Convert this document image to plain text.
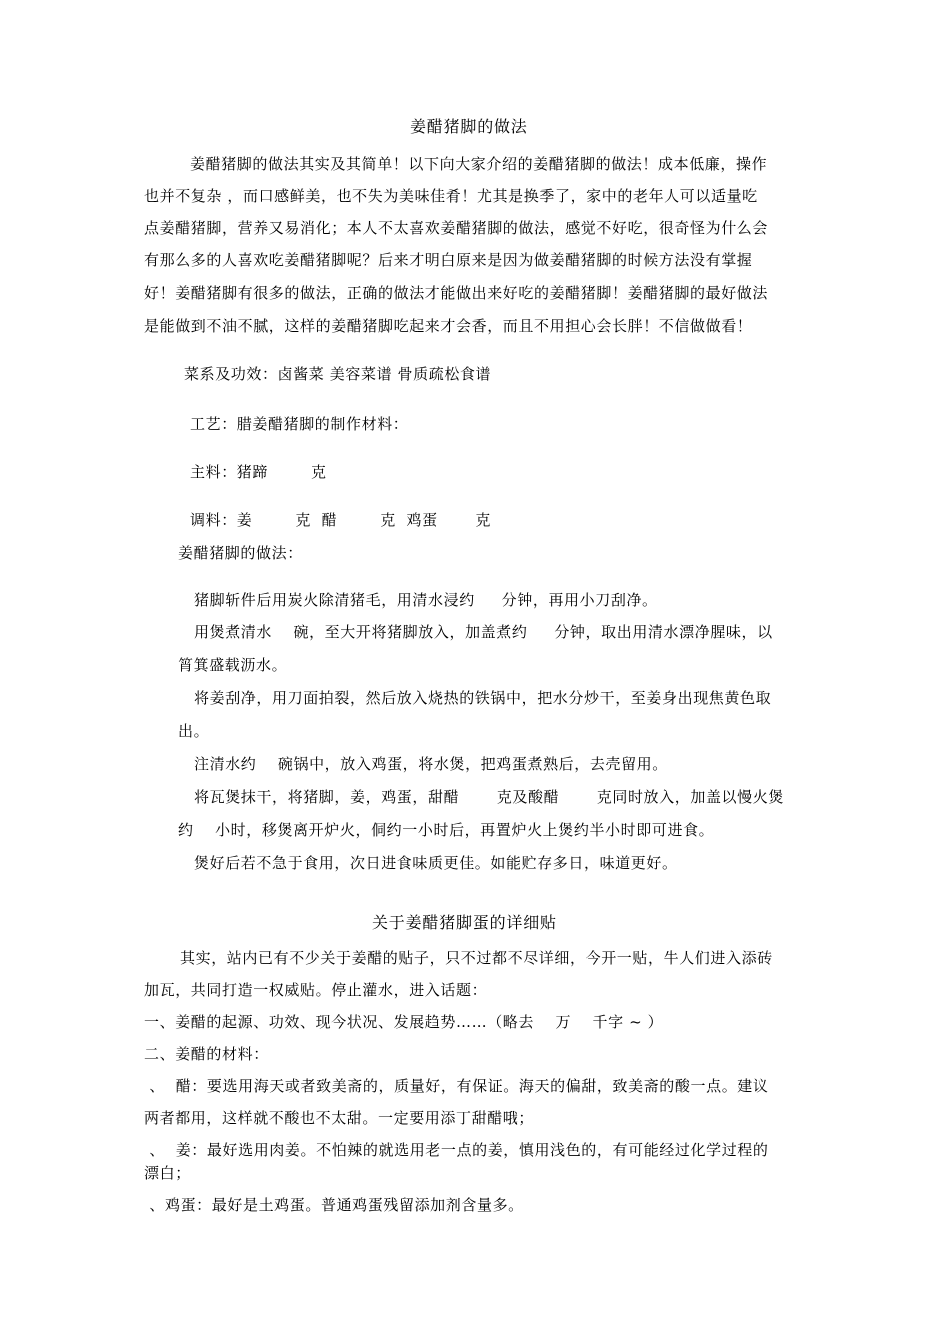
姜醋猪脚的做法
姜醋猪脚的做法其实及其简单！以下向大家介绍的姜醋猪脚的做法！成本低廉，操作
也并不复杂 ，而口感鲜美，也不失为美味佳肴！尤其是换季了，家中的老年人可以适量吃
点姜醋猪脚，营养又易消化；本人不太喜欢姜醋猪脚的做法，感觉不好吃，很奇怪为什么会
有那么多的人喜欢吃姜醋猪脚呢？后来才明白原来是因为做姜醋猪脚的时候方法没有掌握
好！姜醋猪脚有很多的做法，正确的做法才能做出来好吃的姜醋猪脚！姜醋猪脚的最好做法
是能做到不油不腻，这样的姜醋猪脚吃起来才会香，而且不用担心会长胖！不信做做看！
菜系及功效：卤酱菜 美容菜谱 骨质疏松食谱
工艺：腊姜醋猪脚的制作材料：
主料：猪蹄        克
调料：姜        克  醋        克  鸡蛋       克
姜醋猪脚的做法：
猪脚斩件后用炭火除清猪毛，用清水浸约     分钟，再用小刀刮净。
用煲煮清水    碗，至大开将猪脚放入，加盖煮约     分钟，取出用清水漂净腥味，以
筲箕盛载沥水。
将姜刮净，用刀面拍裂，然后放入烧热的铁锅中，把水分炒干，至姜身出现焦黄色取
出。
注清水约    碗锅中，放入鸡蛋，将水煲，把鸡蛋煮熟后，去壳留用。
将瓦煲抹干，将猪脚，姜，鸡蛋，甜醋       克及酸醋       克同时放入，加盖以慢火煲
约    小时，移煲离开炉火，侗约一小时后，再置炉火上煲约半小时即可进食。
煲好后若不急于食用，次日进食味质更佳。如能贮存多日，味道更好。
关于姜醋猪脚蛋的详细贴
其实，站内已有不少关于姜醋的贴子，只不过都不尽详细，今开一贴，牛人们进入添砖
加瓦，共同打造一权威贴。停止灌水，进入话题：
一、姜醋的起源、功效、现今状况、发展趋势……（略去    万    千字 ~ ）
二、姜醋的材料：
、  醋：要选用海天或者致美斋的，质量好，有保证。海天的偏甜，致美斋的酸一点。建议
两者都用，这样就不酸也不太甜。一定要用添丁甜醋哦；
、  姜：最好选用肉姜。不怕辣的就选用老一点的姜，慎用浅色的，有可能经过化学过程的
漂白；
、鸡蛋：最好是土鸡蛋。普通鸡蛋残留添加剂含量多。
